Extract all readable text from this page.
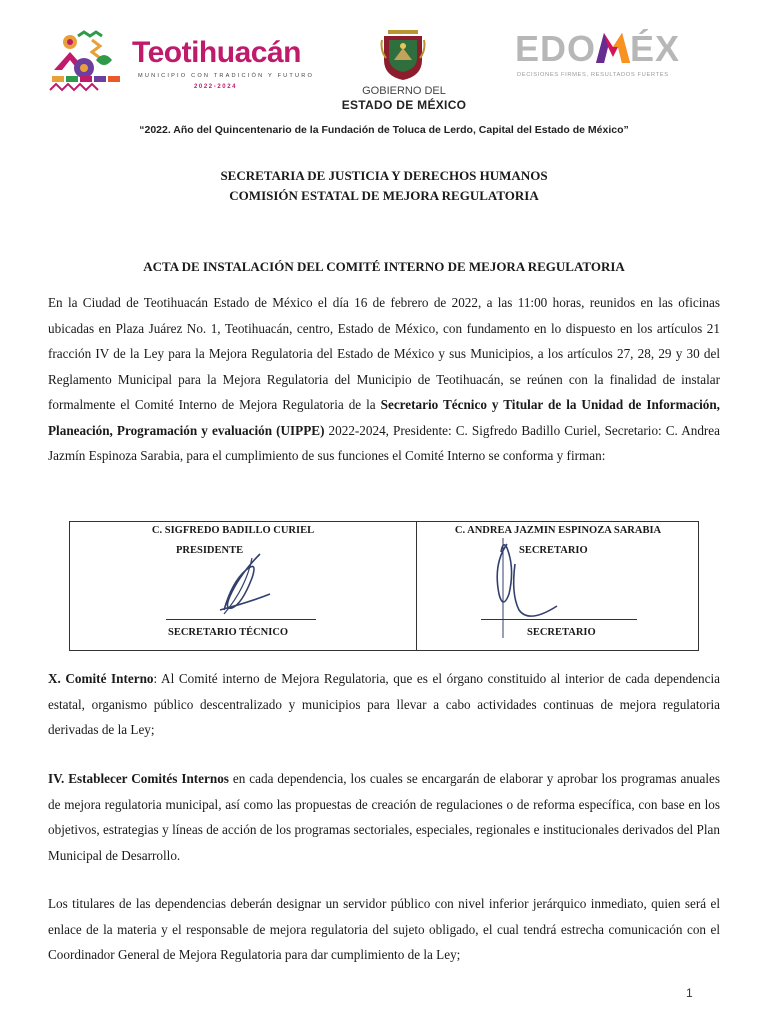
Teotihuacán
MUNICIPIO CON TRADICIÓN Y FUTURO
2022-2024	GOBIERNO DEL
ESTADO DE MÉXICO
EDO ÉX
DECISIONES FIRMES, RESULTADOS FUERTES
“2022. Año del Quincentenario de la Fundación de Toluca de Lerdo, Capital del Estado de México”
SECRETARIA DE JUSTICIA Y DERECHOS HUMANOS
COMISIÓN ESTATAL DE MEJORA REGULATORIA
ACTA DE INSTALACIÓN DEL COMITÉ INTERNO DE MEJORA REGULATORIA
En la Ciudad de Teotihuacán Estado de México el día 16 de febrero de 2022, a las 11:00 horas, reunidos en las oficinas ubicadas en Plaza Juárez No. 1, Teotihuacán, centro, Estado de México, con fundamento en lo dispuesto en los artículos 21 fracción IV de la Ley para la Mejora Regulatoria del Estado de México y sus Municipios, a los artículos 27, 28, 29 y 30 del Reglamento Municipal para la Mejora Regulatoria del Municipio de Teotihuacán, se reúnen con la finalidad de instalar formalmente el Comité Interno de Mejora Regulatoria de la Secretario Técnico y Titular de la Unidad de Información, Planeación, Programación y evaluación (UIPPE) 2022-2024, Presidente: C. Sigfredo Badillo Curiel, Secretario: C. Andrea Jazmín Espinoza Sarabia, para el cumplimiento de sus funciones el Comité Interno se conforma y firman:
C. SIGFREDO BADILLO CURIEL
PRESIDENTE
SECRETARIO TÉCNICO
C. ANDREA JAZMIN ESPINOZA SARABIA
SECRETARIO
SECRETARIO
X. Comité Interno: Al Comité interno de Mejora Regulatoria, que es el órgano constituido al interior de cada dependencia estatal, organismo público descentralizado y municipios para llevar a cabo actividades continuas de mejora regulatoria derivadas de la Ley;
IV. Establecer Comités Internos en cada dependencia, los cuales se encargarán de elaborar y aprobar los programas anuales de mejora regulatoria municipal, así como las propuestas de creación de regulaciones o de reforma específica, con base en los objetivos, estrategias y líneas de acción de los programas sectoriales, especiales, regionales e institucionales derivados del Plan Municipal de Desarrollo.
Los titulares de las dependencias deberán designar un servidor público con nivel inferior jerárquico inmediato, quien será el enlace de la materia y el responsable de mejora regulatoria del sujeto obligado, el cual tendrá estrecha comunicación con el Coordinador General de Mejora Regulatoria para dar cumplimiento de la Ley;
1
